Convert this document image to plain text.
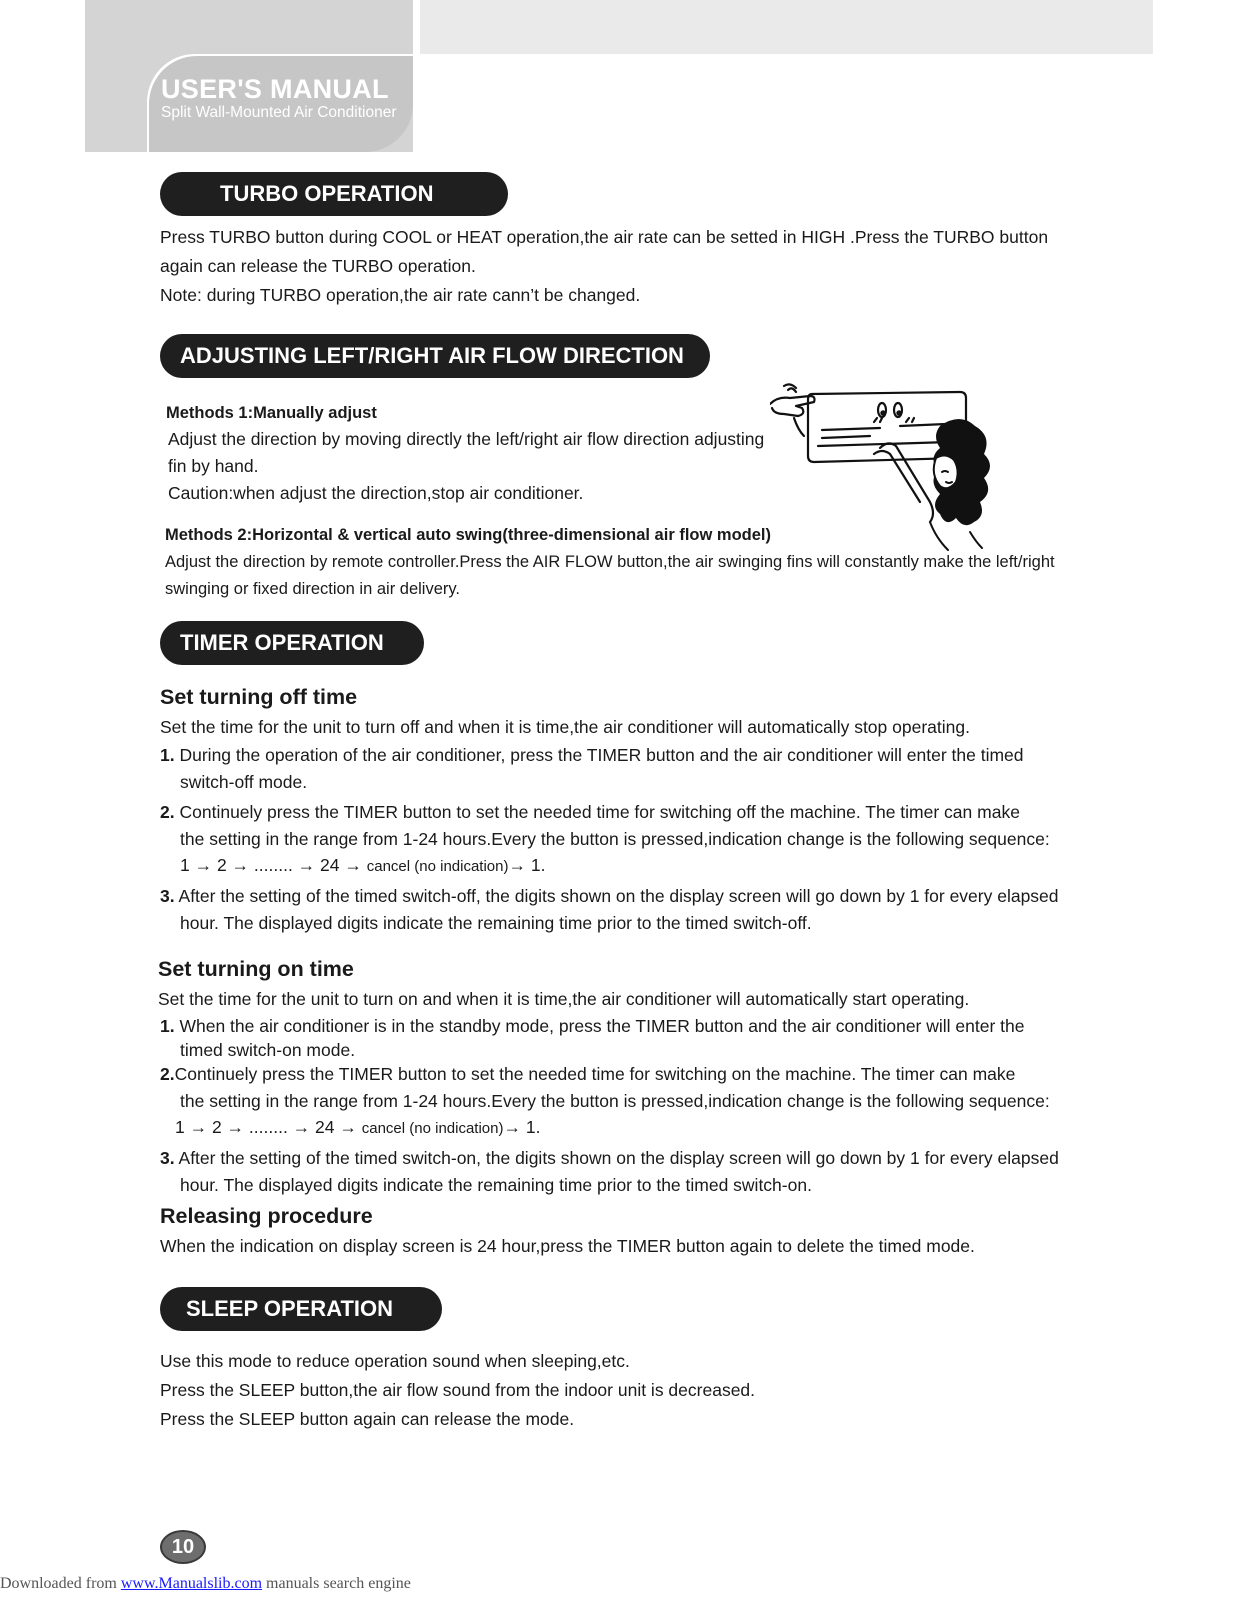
USER'S MANUAL
Split Wall-Mounted Air Conditioner
TURBO OPERATION

Press TURBO button during COOL or HEAT operation,the air rate can be setted in HIGH .Press the TURBO button

again can release the TURBO operation.

Note: during TURBO operation,the air rate cann’t be changed.

ADJUSTING LEFT/RIGHT AIR FLOW DIRECTION

Methods 1:Manually adjust

Adjust the direction by moving directly the left/right air flow direction adjusting

fin by hand.

Caution:when adjust the direction,stop air conditioner.

Methods 2:Horizontal & vertical auto swing(three-dimensional air flow model)

Adjust the direction by remote controller.Press the AIR FLOW button,the air swinging fins will constantly make the left/right

swinging or fixed direction in air delivery.

TIMER OPERATION
Set turning off time

Set the time for the unit to turn off and when it is time,the air conditioner will automatically stop operating.

1. During the operation of the air conditioner, press the TIMER button and the air conditioner will enter the timed

switch-off mode.

2. Continuely press the TIMER button to set the needed time for switching off the machine. The timer can make

the setting in the range from 1-24 hours.Every the button is pressed,indication change is the following sequence:

1 → 2 → ........ → 24 → cancel (no indication)→ 1.

3. After the setting of the timed switch-off, the digits shown on the display screen will go down by 1 for every elapsed

hour. The displayed digits indicate the remaining time prior to the timed switch-off.

Set turning on time

Set the time for the unit to turn on and when it is time,the air conditioner will automatically start operating.

1. When the air conditioner is in the standby mode, press the TIMER button and the air conditioner will enter the

timed switch-on mode.

2.Continuely press the TIMER button to set the needed time for switching on the machine. The timer can make

the setting in the range from 1-24 hours.Every the button is pressed,indication change is the following sequence:

1 → 2 → ........ → 24 → cancel (no indication)→ 1.

3. After the setting of the timed switch-on, the digits shown on the display screen will go down by 1 for every elapsed

hour. The displayed digits indicate the remaining time prior to the timed switch-on.

Releasing procedure

When the indication on display screen is 24 hour,press the TIMER button again to delete the timed mode.

SLEEP OPERATION

Use this mode to reduce operation sound when sleeping,etc.

Press the SLEEP button,the air flow sound from the indoor unit is decreased.

Press the SLEEP button again can release the mode.

10
Downloaded from www.Manualslib.com manuals search engine
